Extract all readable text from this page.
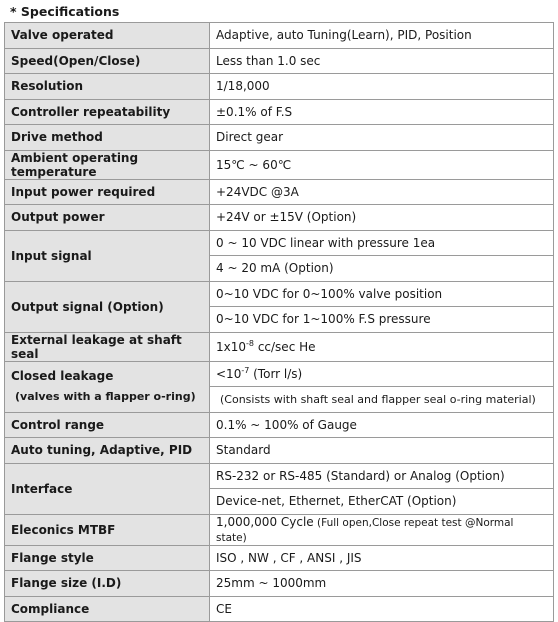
* Specifications
Valve operated	Adaptive, auto Tuning(Learn), PID, Position
Speed(Open/Close)	Less than 1.0 sec
Resolution	1/18,000
Controller repeatability	±0.1% of F.S
Drive method	Direct gear
Ambient operating temperature	15℃ ~ 60℃
Input power required	+24VDC @3A
Output power	+24V or ±15V (Option)
Input signal	0 ~ 10 VDC linear with pressure 1ea
	4 ~ 20 mA (Option)
Output signal (Option)	0~10 VDC for 0~100% valve position
	0~10 VDC for 1~100% F.S pressure
External leakage at shaft seal	$1x10^{-8}$ cc/sec He
Closed leakage
(valves with a flapper o-ring)	$<10^{-7}$ (Torr l/s)
	(Consists with shaft seal and flapper seal o-ring material)
Control range	0.1% ~ 100% of Gauge
Auto tuning, Adaptive, PID	Standard
Interface	RS-232 or RS-485 (Standard) or Analog (Option)
	Device-net, Ethernet, EtherCAT (Option)
Eleconics MTBF	1,000,000 Cycle (Full open,Close repeat test @Normal state)
Flange style	ISO , NW , CF , ANSI , JIS
Flange size (I.D)	25mm ~ 1000mm
Compliance	CE
